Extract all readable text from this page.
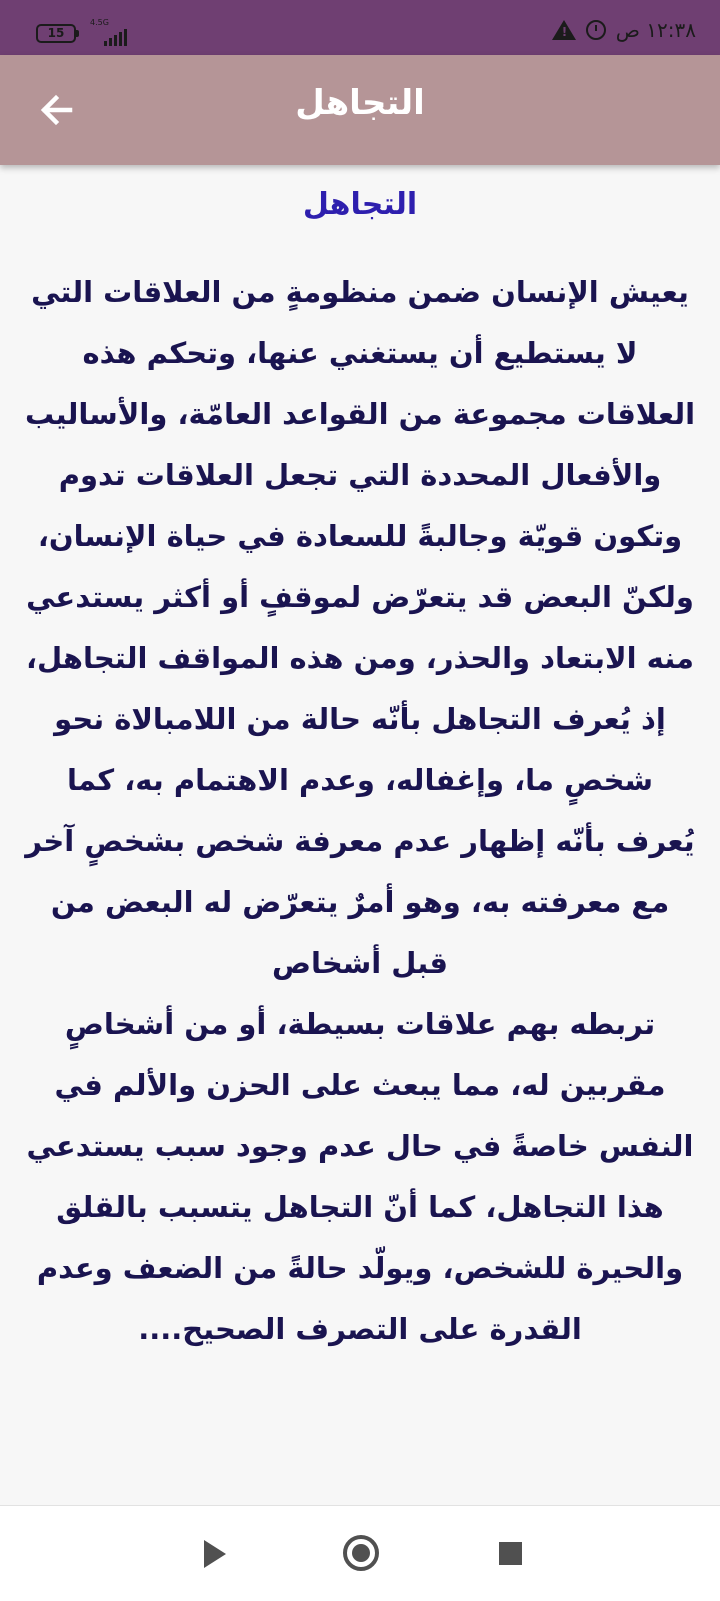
15
4.5G
! ١٢:٣٨ ص
التجاهل
التجاهل
يعيش الإنسان ضمن منظومةٍ من العلاقات التي لا يستطيع أن يستغني عنها، وتحكم هذه العلاقات مجموعة من القواعد العامّة، والأساليب والأفعال المحددة التي تجعل العلاقات تدوم وتكون قويّة وجالبةً للسعادة في حياة الإنسان، ولكنّ البعض قد يتعرّض لموقفٍ أو أكثر يستدعي منه الابتعاد والحذر، ومن هذه المواقف التجاهل، إذ يُعرف التجاهل بأنّه حالة من اللامبالاة نحو شخصٍ ما، وإغفاله، وعدم الاهتمام به، كما يُعرف بأنّه إظهار عدم معرفة شخص بشخصٍ آخر مع معرفته به، وهو أمرٌ يتعرّض له البعض من قبل أشخاص
تربطه بهم علاقات بسيطة، أو من أشخاصٍ مقربين له، مما يبعث على الحزن والألم في النفس خاصةً في حال عدم وجود سبب يستدعي هذا التجاهل، كما أنّ التجاهل يتسبب بالقلق والحيرة للشخص، ويولّد حالةً من الضعف وعدم القدرة على التصرف الصحيح....
